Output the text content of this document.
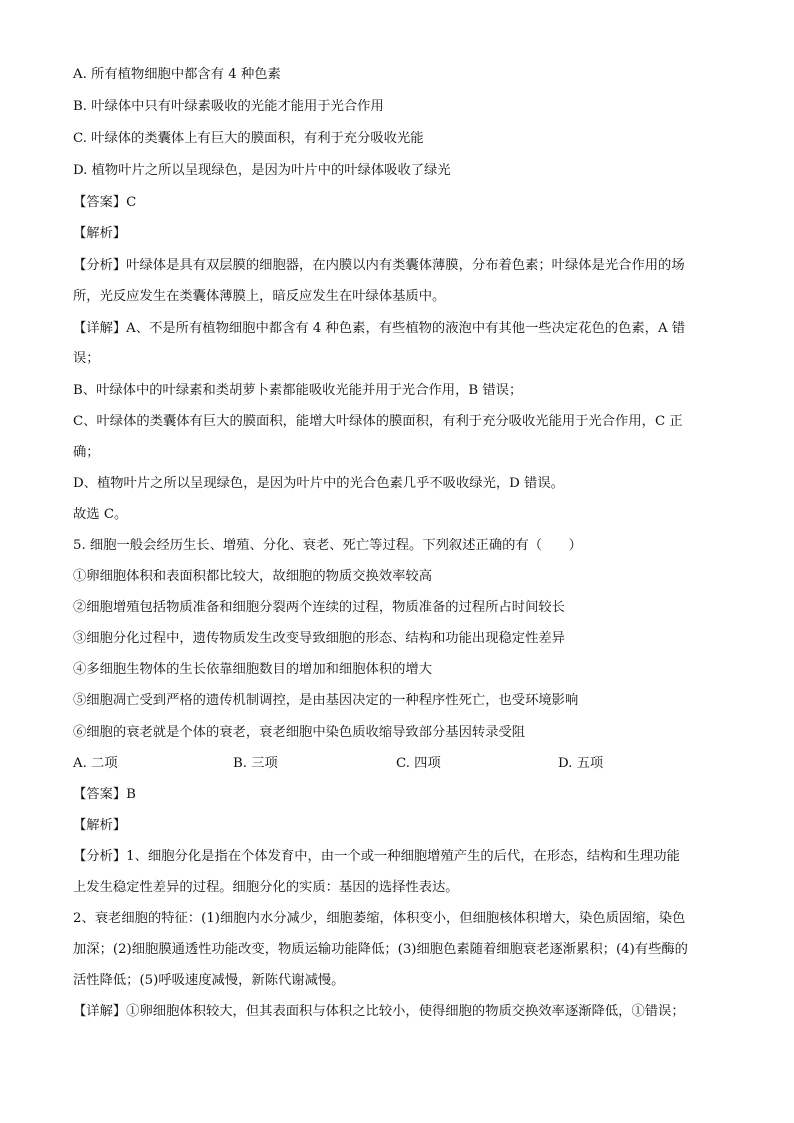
A. 所有植物细胞中都含有 4 种色素
B. 叶绿体中只有叶绿素吸收的光能才能用于光合作用
C. 叶绿体的类囊体上有巨大的膜面积，有利于充分吸收光能
D. 植物叶片之所以呈现绿色，是因为叶片中的叶绿体吸收了绿光
【答案】C
【解析】
【分析】叶绿体是具有双层膜的细胞器，在内膜以内有类囊体薄膜，分布着色素；叶绿体是光合作用的场
所，光反应发生在类囊体薄膜上，暗反应发生在叶绿体基质中。
【详解】A、不是所有植物细胞中都含有 4 种色素，有些植物的液泡中有其他一些决定花色的色素，A 错
误；
B、叶绿体中的叶绿素和类胡萝卜素都能吸收光能并用于光合作用，B 错误；
C、叶绿体的类囊体有巨大的膜面积，能增大叶绿体的膜面积，有利于充分吸收光能用于光合作用，C 正
确；
D、植物叶片之所以呈现绿色，是因为叶片中的光合色素几乎不吸收绿光，D 错误。
故选 C。
5. 细胞一般会经历生长、增殖、分化、衰老、死亡等过程。下列叙述正确的有（　　）
①卵细胞体积和表面积都比较大，故细胞的物质交换效率较高
②细胞增殖包括物质准备和细胞分裂两个连续的过程，物质准备的过程所占时间较长
③细胞分化过程中，遗传物质发生改变导致细胞的形态、结构和功能出现稳定性差异
④多细胞生物体的生长依靠细胞数目的增加和细胞体积的增大
⑤细胞凋亡受到严格的遗传机制调控，是由基因决定的一种程序性死亡，也受环境影响
⑥细胞的衰老就是个体的衰老，衰老细胞中染色质收缩导致部分基因转录受阻
A. 二项	B. 三项	C. 四项	D. 五项
【答案】B
【解析】
【分析】1、细胞分化是指在个体发育中，由一个或一种细胞增殖产生的后代，在形态，结构和生理功能
上发生稳定性差异的过程。细胞分化的实质：基因的选择性表达。
2、衰老细胞的特征：(1)细胞内水分减少，细胞萎缩，体积变小，但细胞核体积增大，染色质固缩，染色
加深；(2)细胞膜通透性功能改变，物质运输功能降低；(3)细胞色素随着细胞衰老逐渐累积；(4)有些酶的
活性降低；(5)呼吸速度减慢，新陈代谢减慢。
【详解】①卵细胞体积较大，但其表面积与体积之比较小，使得细胞的物质交换效率逐渐降低，①错误；
